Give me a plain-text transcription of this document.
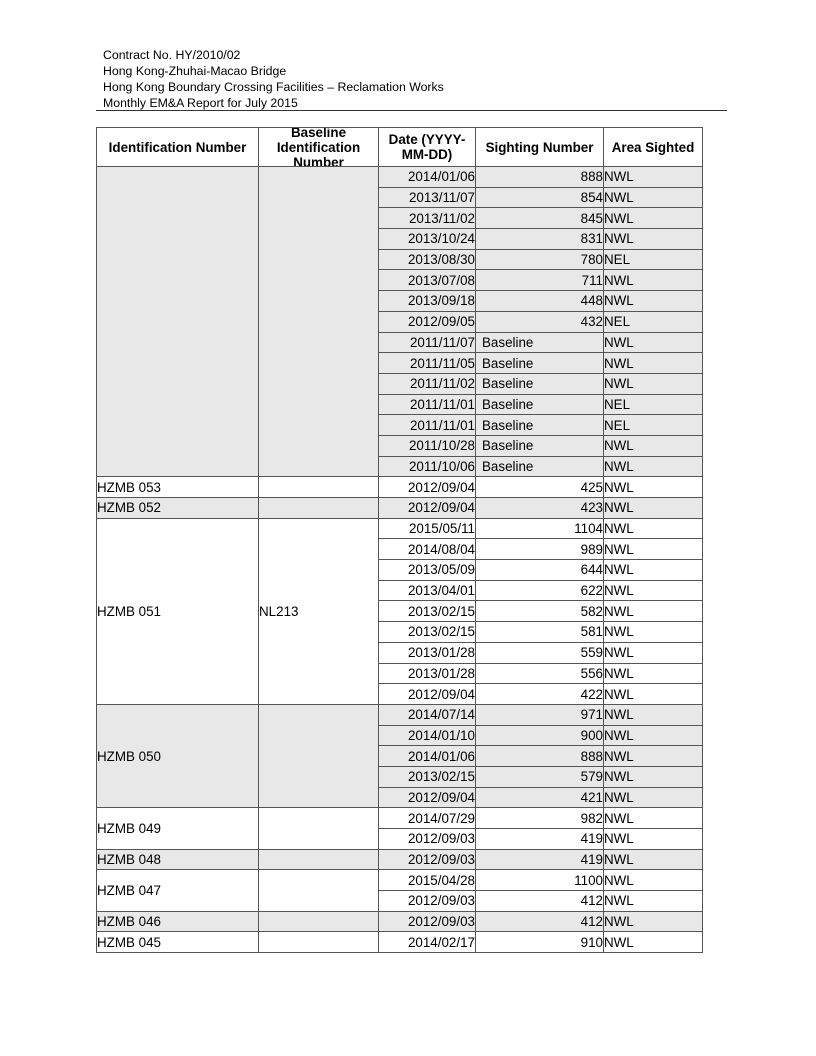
Contract No. HY/2010/02
Hong Kong-Zhuhai-Macao Bridge
Hong Kong Boundary Crossing Facilities – Reclamation Works
Monthly EM&A Report for July 2015
Identification Number	Baseline Identification Number	Date (YYYY-MM-DD)	Sighting Number	Area Sighted

		2014/01/06	888	NWL
		2013/11/07	854	NWL
		2013/11/02	845	NWL
		2013/10/24	831	NWL
		2013/08/30	780	NEL
		2013/07/08	711	NWL
		2013/09/18	448	NWL
		2012/09/05	432	NEL
		2011/11/07	Baseline	NWL
		2011/11/05	Baseline	NWL
		2011/11/02	Baseline	NWL
		2011/11/01	Baseline	NEL
		2011/11/01	Baseline	NEL
		2011/10/28	Baseline	NWL
		2011/10/06	Baseline	NWL
HZMB 053		2012/09/04	425	NWL
HZMB 052		2012/09/04	423	NWL
HZMB 051	NL213	2015/05/11	1104	NWL
		2014/08/04	989	NWL
		2013/05/09	644	NWL
		2013/04/01	622	NWL
		2013/02/15	582	NWL
		2013/02/15	581	NWL
		2013/01/28	559	NWL
		2013/01/28	556	NWL
		2012/09/04	422	NWL
HZMB 050		2014/07/14	971	NWL
		2014/01/10	900	NWL
		2014/01/06	888	NWL
		2013/02/15	579	NWL
		2012/09/04	421	NWL
HZMB 049		2014/07/29	982	NWL
		2012/09/03	419	NWL
HZMB 048		2012/09/03	419	NWL
HZMB 047		2015/04/28	1100	NWL
		2012/09/03	412	NWL
HZMB 046		2012/09/03	412	NWL
HZMB 045		2014/02/17	910	NWL
